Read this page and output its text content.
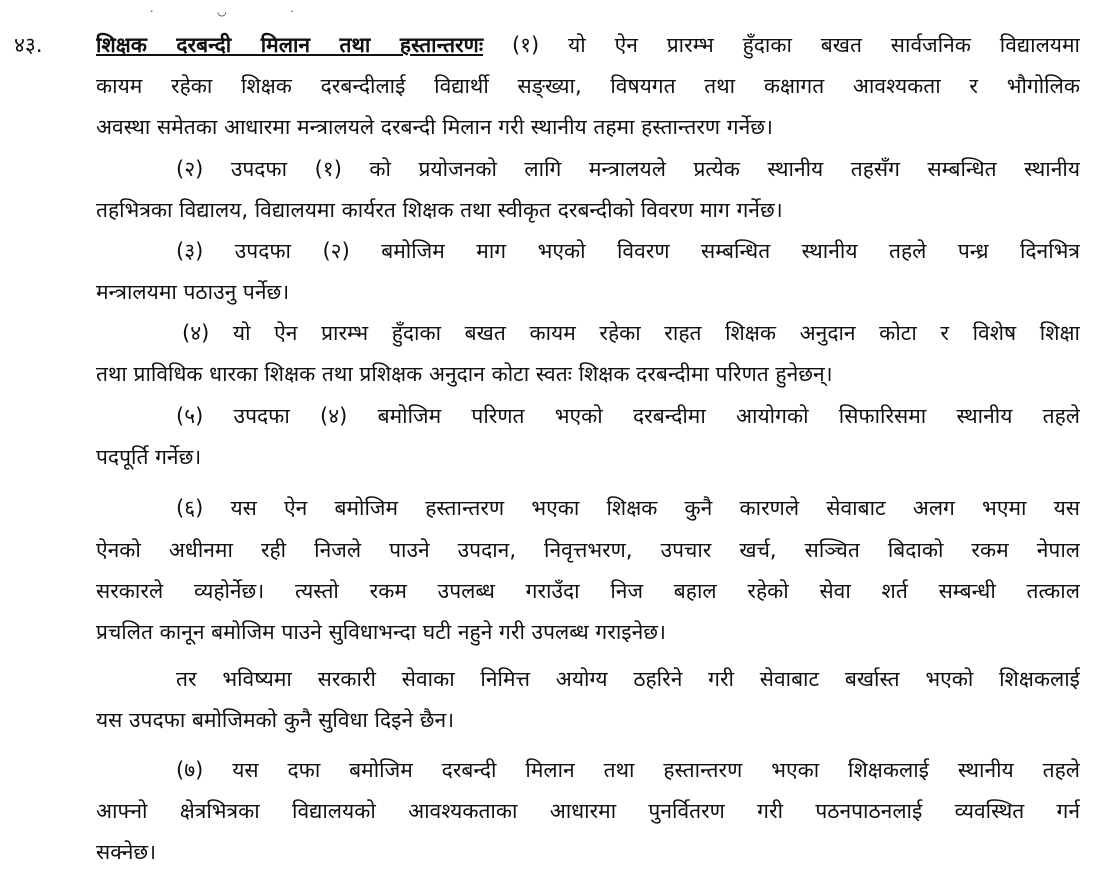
· ◡ ·
४३.	शिक्षक दरबन्दी मिलान तथा हस्तान्तरणः (१) यो ऐन प्रारम्भ हुँदाका बखत सार्वजनिक विद्यालयमा
कायम रहेका शिक्षक दरबन्दीलाई विद्यार्थी सङ्ख्या, विषयगत तथा कक्षागत आवश्यकता र भौगोलिक
अवस्था समेतका आधारमा मन्त्रालयले दरबन्दी मिलान गरी स्थानीय तहमा हस्तान्तरण गर्नेछ।
(२) उपदफा (१) को प्रयोजनको लागि मन्त्रालयले प्रत्येक स्थानीय तहसँग सम्बन्धित स्थानीय
तहभित्रका विद्यालय, विद्यालयमा कार्यरत शिक्षक तथा स्वीकृत दरबन्दीको विवरण माग गर्नेछ।
(३) उपदफा (२) बमोजिम माग भएको विवरण सम्बन्धित स्थानीय तहले पन्ध्र दिनभित्र
मन्त्रालयमा पठाउनु पर्नेछ।
(४) यो ऐन प्रारम्भ हुँदाका बखत कायम रहेका राहत शिक्षक अनुदान कोटा र विशेष शिक्षा
तथा प्राविधिक धारका शिक्षक तथा प्रशिक्षक अनुदान कोटा स्वतः शिक्षक दरबन्दीमा परिणत हुनेछन्।
(५) उपदफा (४) बमोजिम परिणत भएको दरबन्दीमा आयोगको सिफारिसमा स्थानीय तहले
पदपूर्ति गर्नेछ।
(६) यस ऐन बमोजिम हस्तान्तरण भएका शिक्षक कुनै कारणले सेवाबाट अलग भएमा यस
ऐनको अधीनमा रही निजले पाउने उपदान, निवृत्तभरण, उपचार खर्च, सञ्चित बिदाको रकम नेपाल
सरकारले व्यहोर्नेछ। त्यस्तो रकम उपलब्ध गराउँदा निज बहाल रहेको सेवा शर्त सम्बन्धी तत्काल
प्रचलित कानून बमोजिम पाउने सुविधाभन्दा घटी नहुने गरी उपलब्ध गराइनेछ।
तर भविष्यमा सरकारी सेवाका निमित्त अयोग्य ठहरिने गरी सेवाबाट बर्खास्त भएको शिक्षकलाई
यस उपदफा बमोजिमको कुनै सुविधा दिइने छैन।
(७) यस दफा बमोजिम दरबन्दी मिलान तथा हस्तान्तरण भएका शिक्षकलाई स्थानीय तहले
आफ्नो क्षेत्रभित्रका विद्यालयको आवश्यकताका आधारमा पुनर्वितरण गरी पठनपाठनलाई व्यवस्थित गर्न
सक्नेछ।
